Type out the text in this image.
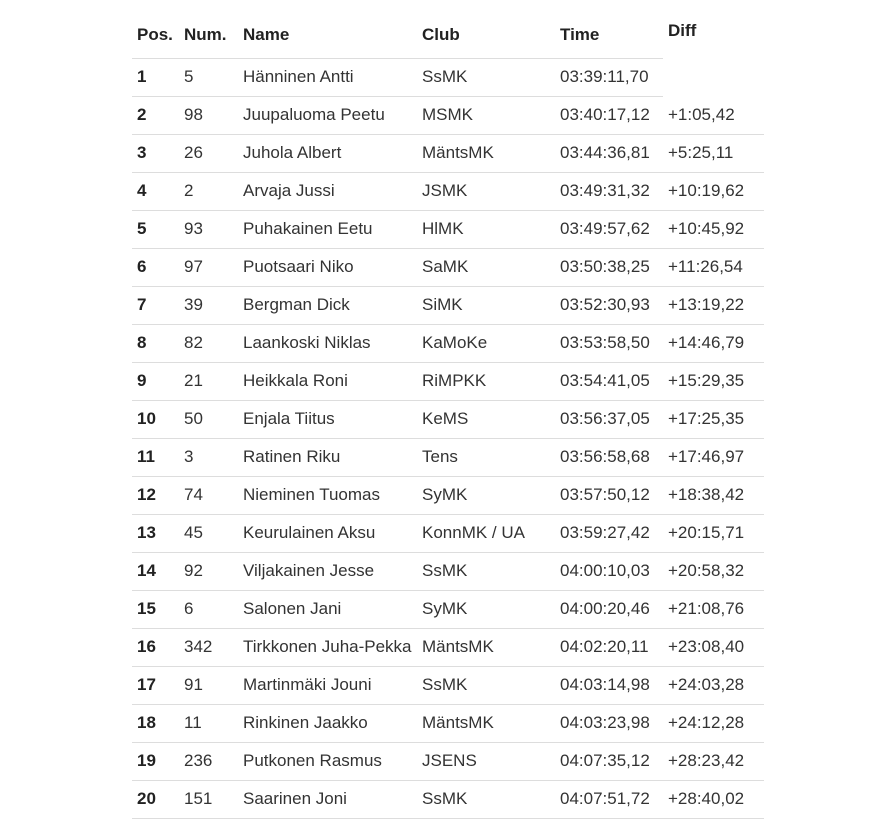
Pos.	Num.	Name	Club	Time	Diff
1	5	Hänninen Antti	SsMK	03:39:11,70	
2	98	Juupaluoma Peetu	MSMK	03:40:17,12	+1:05,42
3	26	Juhola Albert	MäntsMK	03:44:36,81	+5:25,11
4	2	Arvaja Jussi	JSMK	03:49:31,32	+10:19,62
5	93	Puhakainen Eetu	HlMK	03:49:57,62	+10:45,92
6	97	Puotsaari Niko	SaMK	03:50:38,25	+11:26,54
7	39	Bergman Dick	SiMK	03:52:30,93	+13:19,22
8	82	Laankoski Niklas	KaMoKe	03:53:58,50	+14:46,79
9	21	Heikkala Roni	RiMPKK	03:54:41,05	+15:29,35
10	50	Enjala Tiitus	KeMS	03:56:37,05	+17:25,35
11	3	Ratinen Riku	Tens	03:56:58,68	+17:46,97
12	74	Nieminen Tuomas	SyMK	03:57:50,12	+18:38,42
13	45	Keurulainen Aksu	KonnMK / UA	03:59:27,42	+20:15,71
14	92	Viljakainen Jesse	SsMK	04:00:10,03	+20:58,32
15	6	Salonen Jani	SyMK	04:00:20,46	+21:08,76
16	342	Tirkkonen Juha-Pekka	MäntsMK	04:02:20,11	+23:08,40
17	91	Martinmäki Jouni	SsMK	04:03:14,98	+24:03,28
18	11	Rinkinen Jaakko	MäntsMK	04:03:23,98	+24:12,28
19	236	Putkonen Rasmus	JSENS	04:07:35,12	+28:23,42
20	151	Saarinen Joni	SsMK	04:07:51,72	+28:40,02
